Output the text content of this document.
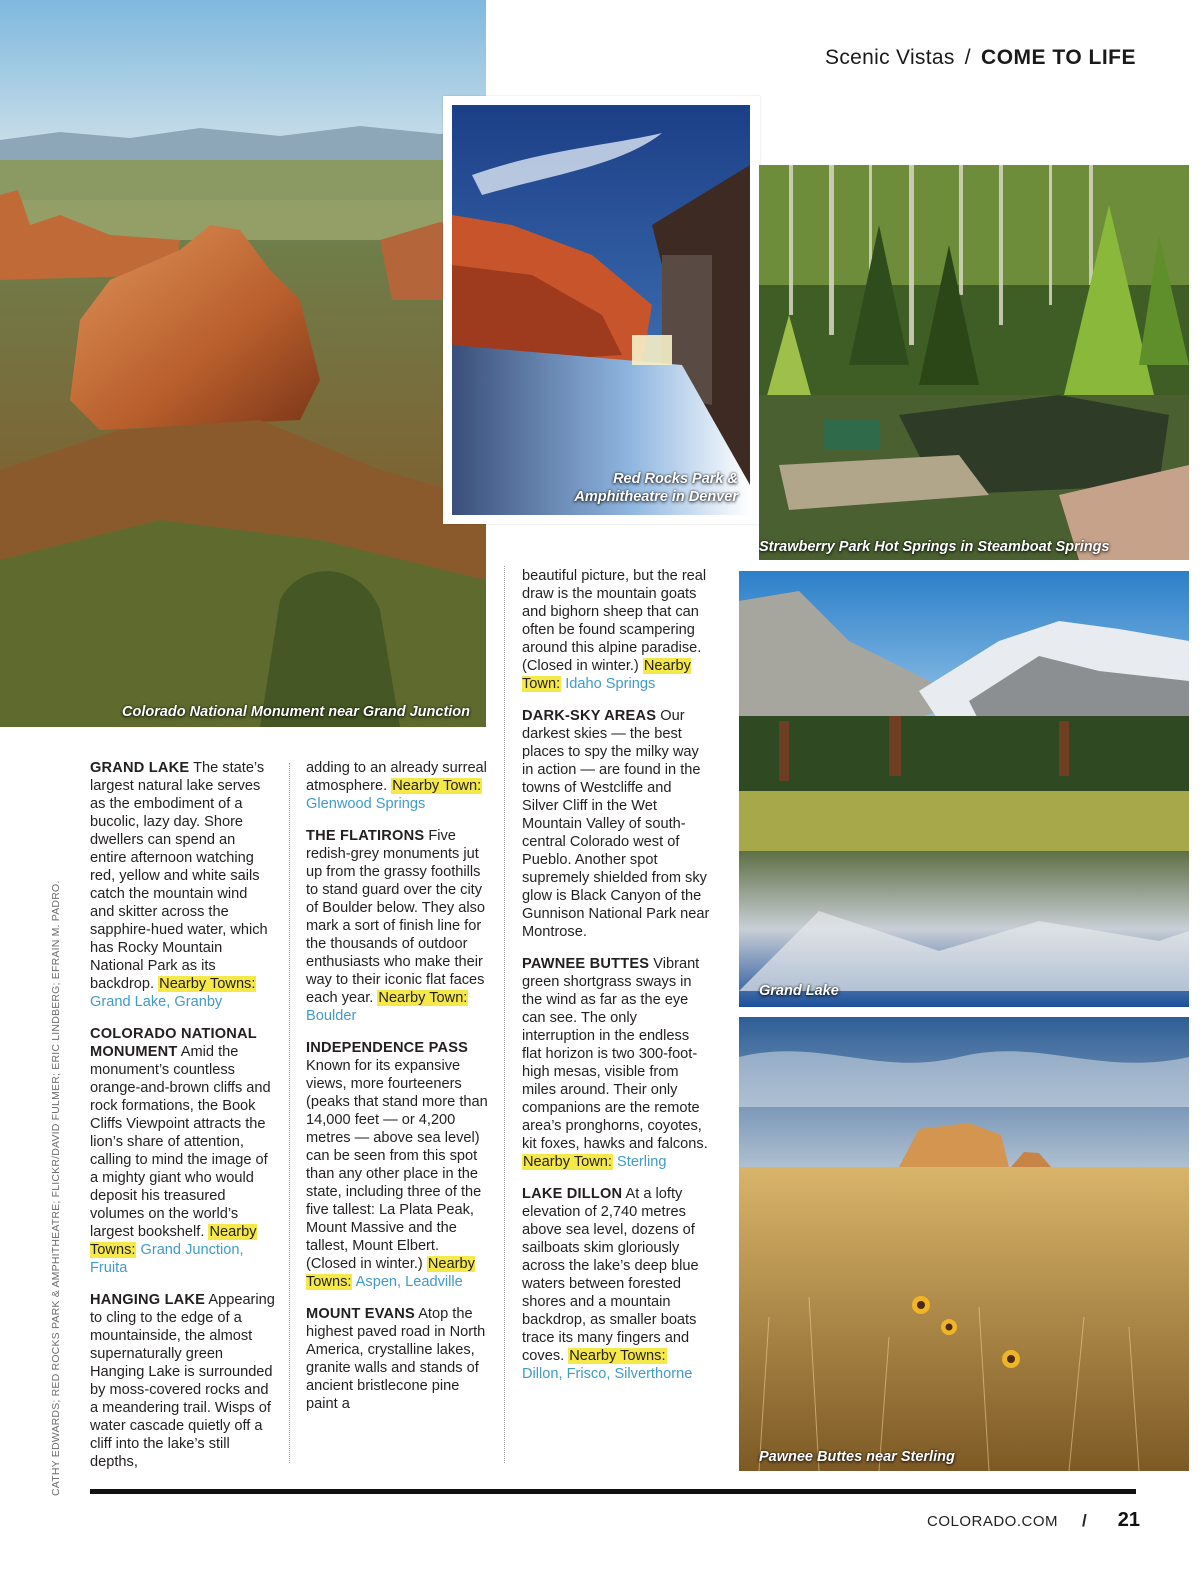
Scenic Vistas / COME TO LIFE
Colorado National Monument near Grand Junction
Red Rocks Park &
Amphitheatre in Denver
Strawberry Park Hot Springs in Steamboat Springs
Grand Lake
Pawnee Buttes near Sterling
CATHY EDWARDS; RED ROCKS PARK & AMPHITHEATRE; FLICKR/DAVID FULMER; ERIC LINDBERG; EFRAIN M. PADRO.

GRAND LAKE The state’s largest natural lake serves as the embodiment of a bucolic, lazy day. Shore dwellers can spend an entire afternoon watching red, yellow and white sails catch the mountain wind and skitter across the sapphire-hued water, which has Rocky Mountain National Park as its backdrop. Nearby Towns: Grand Lake, Granby

COLORADO NATIONAL MONUMENT Amid the monument’s countless orange-and-brown cliffs and rock formations, the Book Cliffs Viewpoint attracts the lion’s share of attention, calling to mind the image of a mighty giant who would deposit his treasured volumes on the world’s largest bookshelf. Nearby Towns: Grand Junction, Fruita

HANGING LAKE Appearing to cling to the edge of a mountainside, the almost supernaturally green Hanging Lake is surrounded by moss-covered rocks and a meandering trail. Wisps of water cascade quietly off a cliff into the lake’s still depths,

adding to an already surreal atmosphere. Nearby Town: Glenwood Springs

THE FLATIRONS Five redish-grey monuments jut up from the grassy foothills to stand guard over the city of Boulder below. They also mark a sort of finish line for the thousands of outdoor enthusiasts who make their way to their iconic flat faces each year. Nearby Town: Boulder

INDEPENDENCE PASS Known for its expansive views, more fourteeners (peaks that stand more than 14,000 feet — or 4,200 metres — above sea level) can be seen from this spot than any other place in the state, including three of the five tallest: La Plata Peak, Mount Massive and the tallest, Mount Elbert. (Closed in winter.) Nearby Towns: Aspen, Leadville

MOUNT EVANS Atop the highest paved road in North America, crystalline lakes, granite walls and stands of ancient bristlecone pine paint a

beautiful picture, but the real draw is the mountain goats and bighorn sheep that can often be found scampering around this alpine paradise. (Closed in winter.) Nearby Town: Idaho Springs

DARK-SKY AREAS Our darkest skies — the best places to spy the milky way in action — are found in the towns of Westcliffe and Silver Cliff in the Wet Mountain Valley of south-central Colorado west of Pueblo. Another spot supremely shielded from sky glow is Black Canyon of the Gunnison National Park near Montrose.

PAWNEE BUTTES Vibrant green shortgrass sways in the wind as far as the eye can see. The only interruption in the endless flat horizon is two 300-foot-high mesas, visible from miles around. Their only companions are the remote area’s pronghorns, coyotes, kit foxes, hawks and falcons. Nearby Town: Sterling

LAKE DILLON At a lofty elevation of 2,740 metres above sea level, dozens of sailboats skim gloriously across the lake’s deep blue waters between forested shores and a mountain backdrop, as smaller boats trace its many fingers and coves. Nearby Towns: Dillon, Frisco, Silverthorne

COLORADO.COM /	21
